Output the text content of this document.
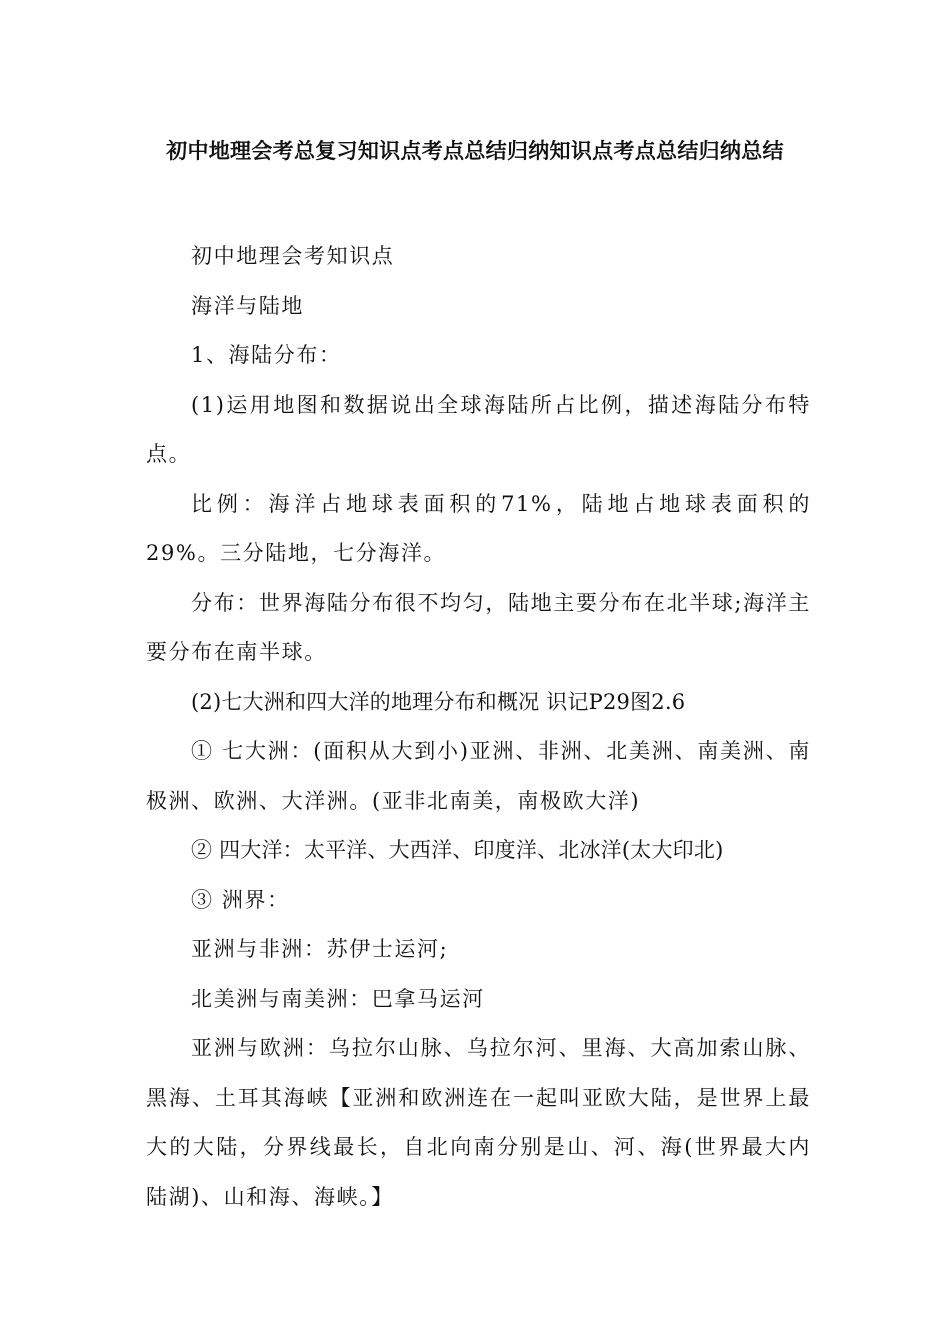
初中地理会考总复习知识点考点总结归纳知识点考点总结归纳总结

初中地理会考知识点

海洋与陆地

1、海陆分布：

(1)运用地图和数据说出全球海陆所占比例，描述海陆分布特点。

比例：海洋占地球表面积的71%，陆地占地球表面积的29%。三分陆地，七分海洋。

分布：世界海陆分布很不均匀，陆地主要分布在北半球;海洋主要分布在南半球。

(2)七大洲和四大洋的地理分布和概况 识记P29图2.6

① 七大洲：(面积从大到小)亚洲、非洲、北美洲、南美洲、南极洲、欧洲、大洋洲。(亚非北南美，南极欧大洋)

② 四大洋：太平洋、大西洋、印度洋、北冰洋(太大印北)

③ 洲界：

亚洲与非洲：苏伊士运河;

北美洲与南美洲：巴拿马运河

亚洲与欧洲：乌拉尔山脉、乌拉尔河、里海、大高加索山脉、黑海、土耳其海峡【亚洲和欧洲连在一起叫亚欧大陆，是世界上最大的大陆，分界线最长，自北向南分别是山、河、海(世界最大内陆湖)、山和海、海峡。】
